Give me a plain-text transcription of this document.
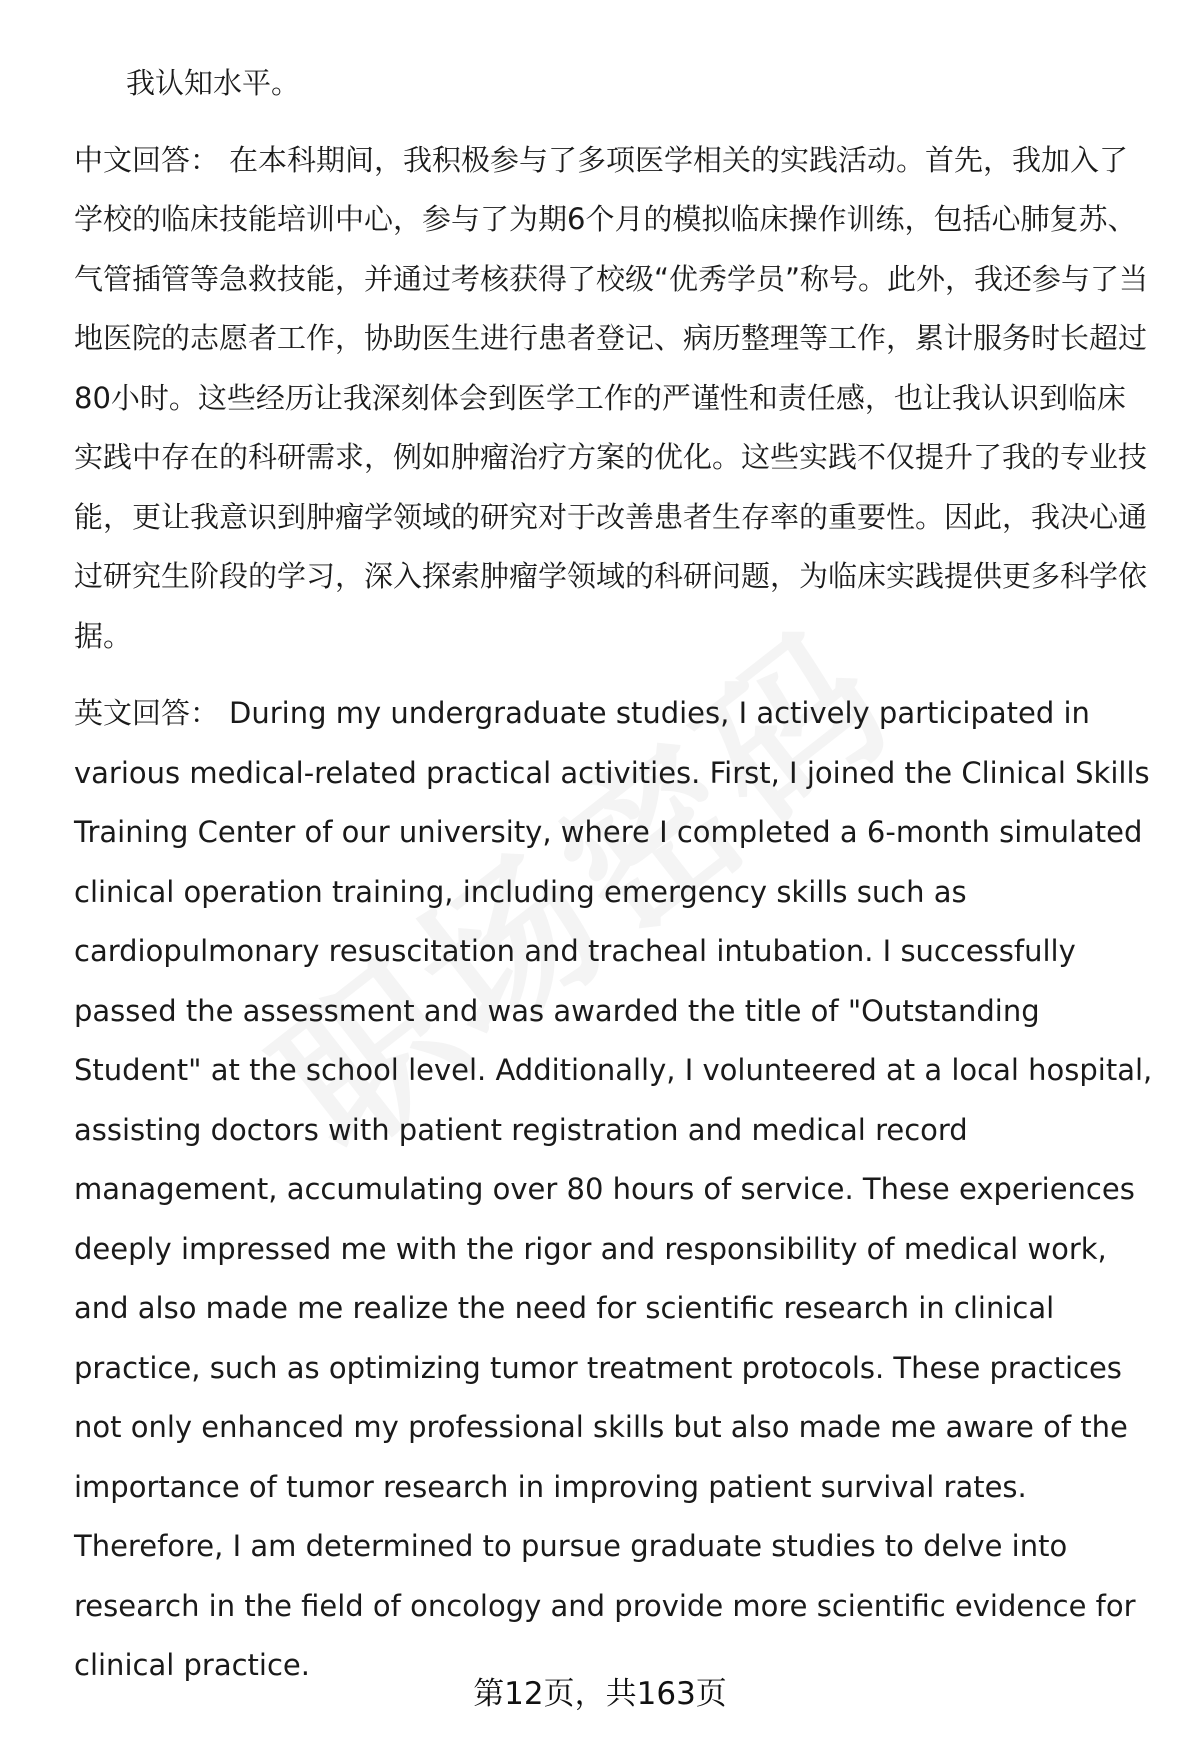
我认知水平。

中文回答： 在本科期间，我积极参与了多项医学相关的实践活动。首先，我加入了学校的临床技能培训中心，参与了为期6个月的模拟临床操作训练，包括心肺复苏、气管插管等急救技能，并通过考核获得了校级“优秀学员”称号。此外，我还参与了当地医院的志愿者工作，协助医生进行患者登记、病历整理等工作，累计服务时长超过80小时。这些经历让我深刻体会到医学工作的严谨性和责任感，也让我认识到临床实践中存在的科研需求，例如肿瘤治疗方案的优化。这些实践不仅提升了我的专业技能，更让我意识到肿瘤学领域的研究对于改善患者生存率的重要性。因此，我决心通过研究生阶段的学习，深入探索肿瘤学领域的科研问题，为临床实践提供更多科学依据。

英文回答： During my undergraduate studies, I actively participated in various medical-related practical activities. First, I joined the Clinical Skills Training Center of our university, where I completed a 6-month simulated clinical operation training, including emergency skills such as cardiopulmonary resuscitation and tracheal intubation. I successfully passed the assessment and was awarded the title of "Outstanding Student" at the school level. Additionally, I volunteered at a local hospital, assisting doctors with patient registration and medical record management, accumulating over 80 hours of service. These experiences deeply impressed me with the rigor and responsibility of medical work, and also made me realize the need for scientific research in clinical practice, such as optimizing tumor treatment protocols. These practices not only enhanced my professional skills but also made me aware of the importance of tumor research in improving patient survival rates. Therefore, I am determined to pursue graduate studies to delve into research in the field of oncology and provide more scientific evidence for clinical practice.

第12页，共163页
